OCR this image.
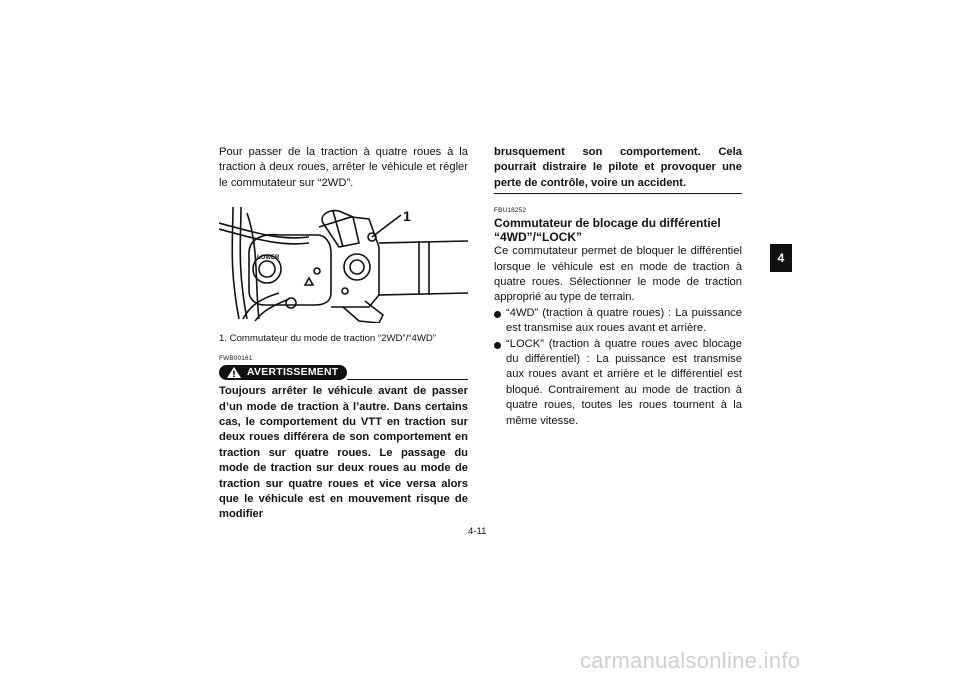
Pour passer de la traction à quatre roues à la traction à deux roues, arrêter le véhicule et régler le commutateur sur “2WD”.

1
LOWER
1. Commutateur du mode de traction “2WD”/“4WD”
FWB00161
AVERTISSEMENT

Toujours arrêter le véhicule avant de passer d’un mode de traction à l’autre. Dans certains cas, le comportement du VTT en traction sur deux roues différera de son comportement en traction sur quatre roues. Le passage du mode de traction sur deux roues au mode de traction sur quatre roues et vice versa alors que le véhicule est en mouvement risque de modifier

brusquement son comportement. Cela pourrait distraire le pilote et provoquer une perte de contrôle, voire un accident.

FBU18252
Commutateur de blocage du différentiel “4WD”/“LOCK”

Ce commutateur permet de bloquer le différentiel lorsque le véhicule est en mode de traction à quatre roues. Sélectionner le mode de traction approprié au type de terrain.

“4WD” (traction à quatre roues) : La puissance est transmise aux roues avant et arrière.

“LOCK” (traction à quatre roues avec blocage du différentiel) : La puissance est transmise aux roues avant et arrière et le différentiel est bloqué. Contrairement au mode de traction à quatre roues, toutes les roues tournent à la même vitesse.

4-11
4
carmanualsonline.info
